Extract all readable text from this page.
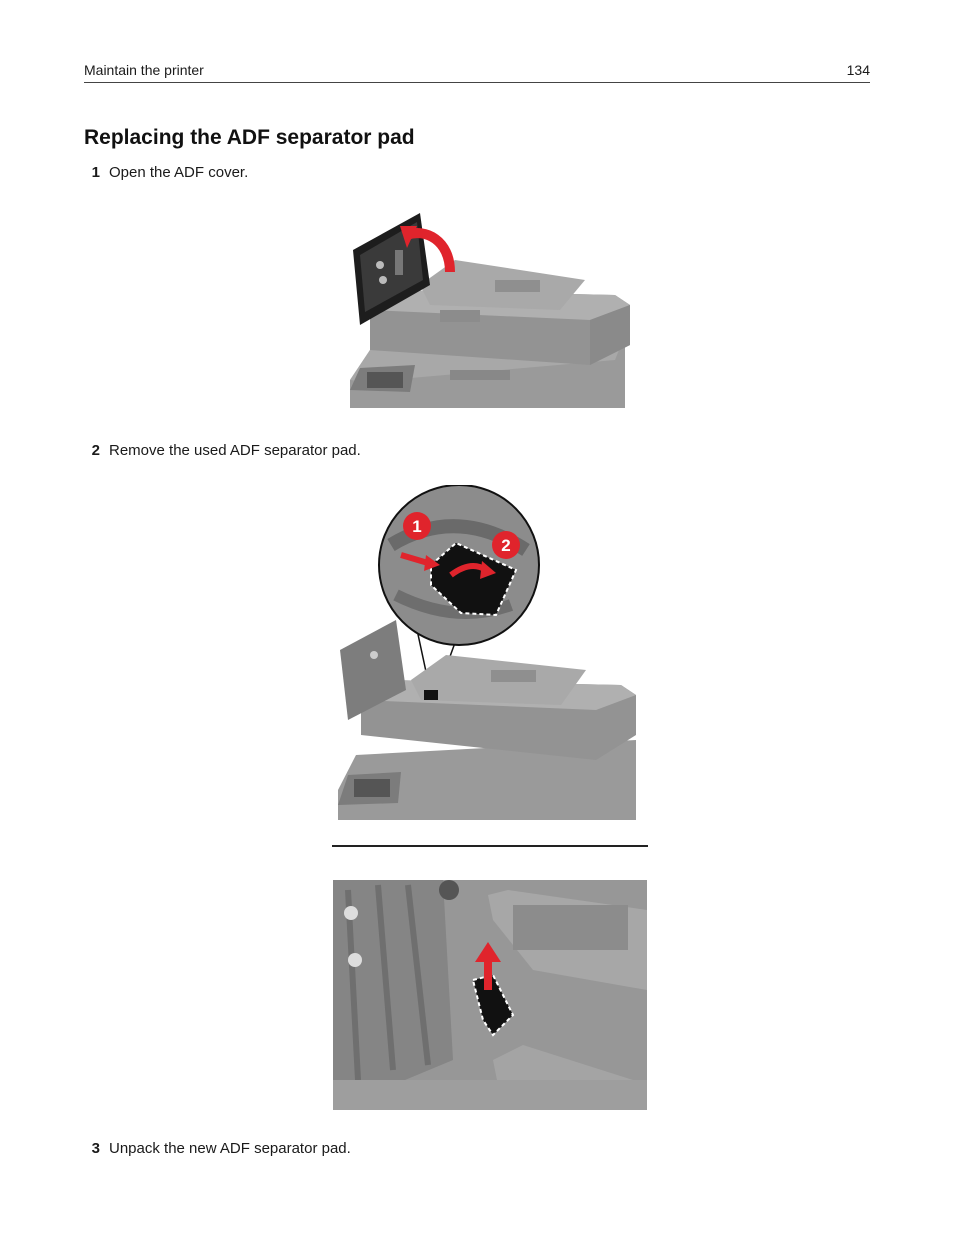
Maintain the printer	134
Replacing the ADF separator pad
1 Open the ADF cover.
2 Remove the used ADF separator pad.
1
2
3 Unpack the new ADF separator pad.
